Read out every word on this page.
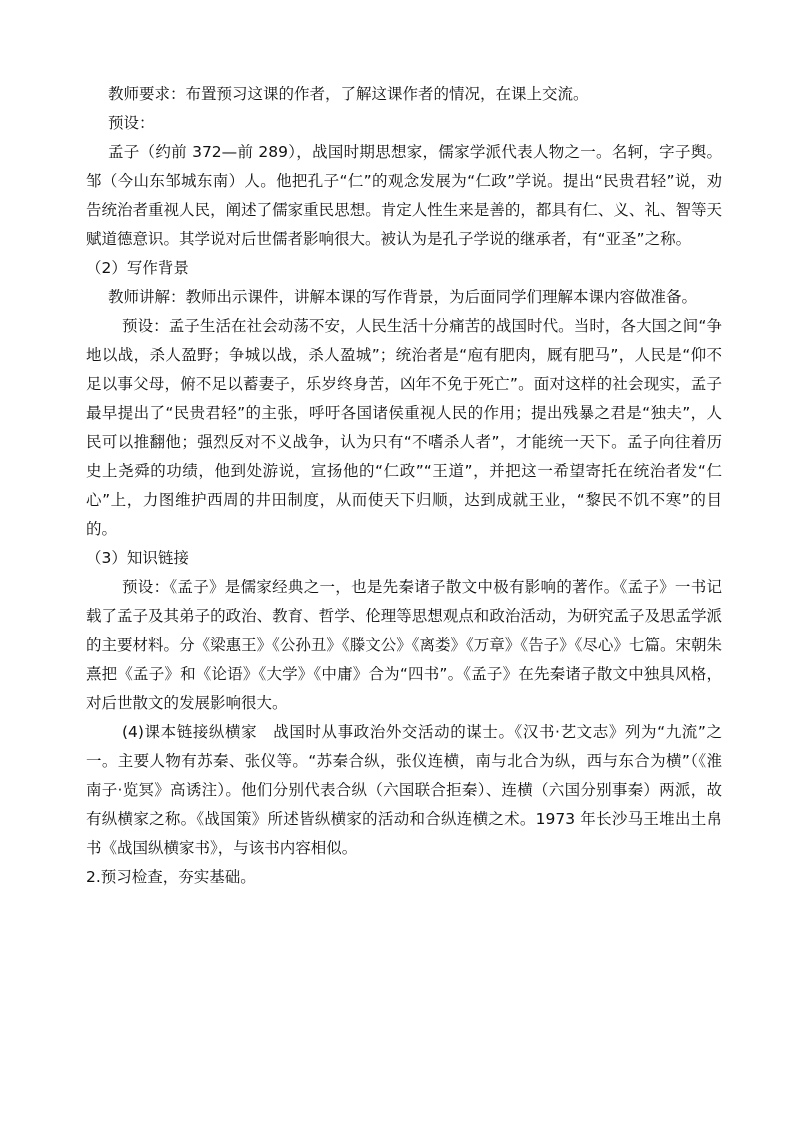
教师要求：布置预习这课的作者，了解这课作者的情况，在课上交流。

预设：

孟子（约前 372—前 289），战国时期思想家，儒家学派代表人物之一。名轲，字子舆。邹（今山东邹城东南）人。他把孔子“仁”的观念发展为“仁政”学说。提出“民贵君轻”说，劝告统治者重视人民，阐述了儒家重民思想。肯定人性生来是善的，都具有仁、义、礼、智等天赋道德意识。其学说对后世儒者影响很大。被认为是孔子学说的继承者，有“亚圣”之称。

（2）写作背景

教师讲解：教师出示课件，讲解本课的写作背景，为后面同学们理解本课内容做准备。

预设：孟子生活在社会动荡不安，人民生活十分痛苦的战国时代。当时，各大国之间“争地以战，杀人盈野；争城以战，杀人盈城”；统治者是“庖有肥肉，厩有肥马”，人民是“仰不足以事父母，俯不足以蓄妻子，乐岁终身苦，凶年不免于死亡”。面对这样的社会现实，孟子最早提出了“民贵君轻”的主张，呼吁各国诸侯重视人民的作用；提出残暴之君是“独夫”，人民可以推翻他；强烈反对不义战争，认为只有“不嗜杀人者”，才能统一天下。孟子向往着历史上尧舜的功绩，他到处游说，宣扬他的“仁政”“王道”，并把这一希望寄托在统治者发“仁心”上，力图维护西周的井田制度，从而使天下归顺，达到成就王业，“黎民不饥不寒”的目的。

（3）知识链接

预设：《孟子》是儒家经典之一，也是先秦诸子散文中极有影响的著作。《孟子》一书记载了孟子及其弟子的政治、教育、哲学、伦理等思想观点和政治活动，为研究孟子及思孟学派的主要材料。分《梁惠王》《公孙丑》《滕文公》《离娄》《万章》《告子》《尽心》七篇。宋朝朱熹把《孟子》和《论语》《大学》《中庸》合为“四书”。《孟子》在先秦诸子散文中独具风格，对后世散文的发展影响很大。

(4)课本链接纵横家　战国时从事政治外交活动的谋士。《汉书·艺文志》列为“九流”之一。主要人物有苏秦、张仪等。“苏秦合纵，张仪连横，南与北合为纵，西与东合为横”（《淮南子·览冥》高诱注）。他们分别代表合纵（六国联合拒秦）、连横（六国分别事秦）两派，故有纵横家之称。《战国策》所述皆纵横家的活动和合纵连横之术。1973 年长沙马王堆出土帛书《战国纵横家书》，与该书内容相似。

2.预习检查，夯实基础。
